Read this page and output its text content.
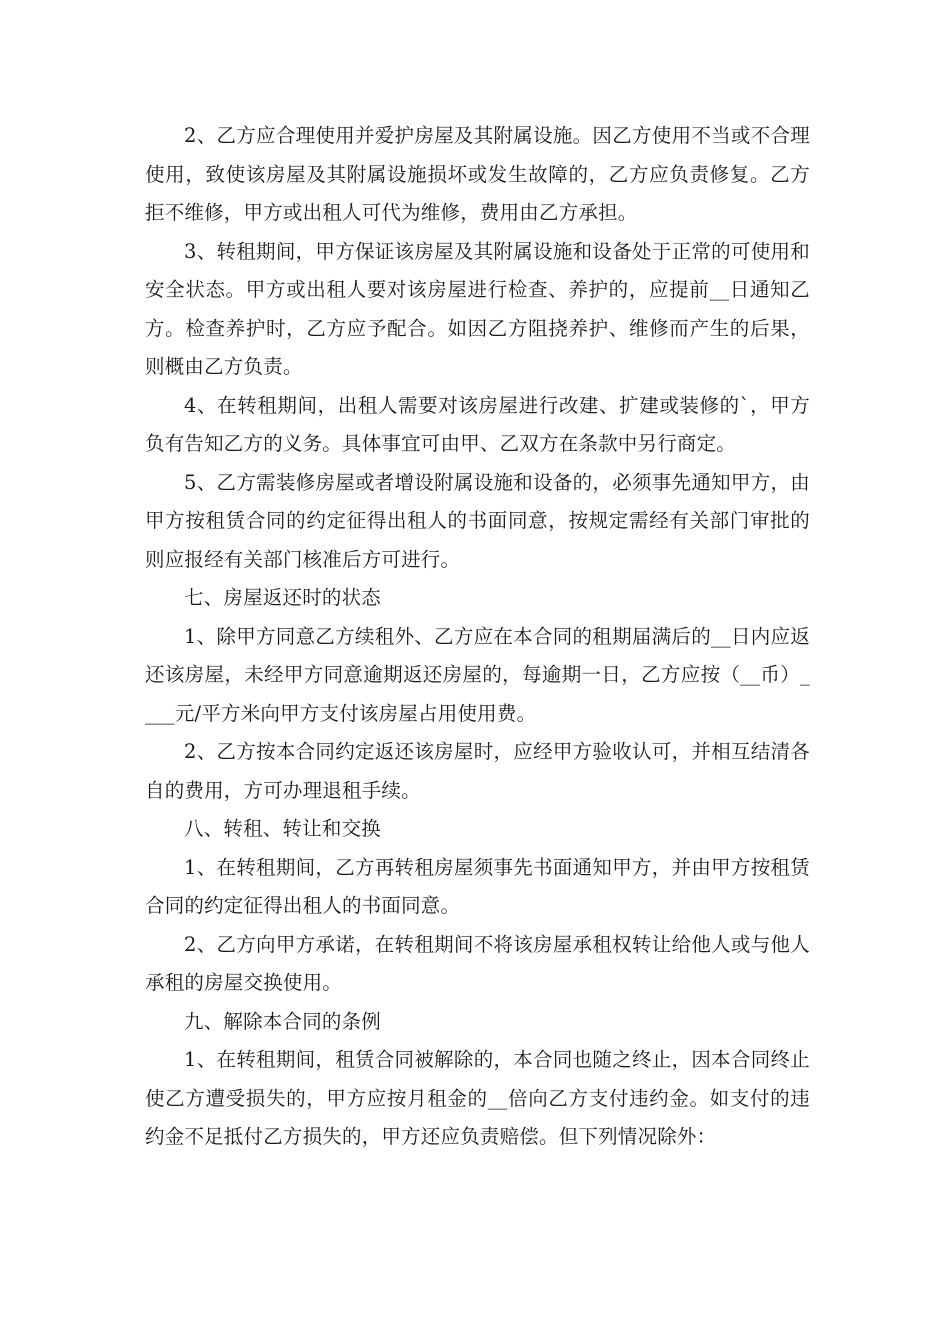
2、乙方应合理使用并爱护房屋及其附属设施。因乙方使用不当或不合理使用，致使该房屋及其附属设施损坏或发生故障的，乙方应负责修复。乙方拒不维修，甲方或出租人可代为维修，费用由乙方承担。

3、转租期间，甲方保证该房屋及其附属设施和设备处于正常的可使用和安全状态。甲方或出租人要对该房屋进行检查、养护的，应提前__日通知乙方。检查养护时，乙方应予配合。如因乙方阻挠养护、维修而产生的后果，则概由乙方负责。

4、在转租期间，出租人需要对该房屋进行改建、扩建或装修的`，甲方负有告知乙方的义务。具体事宜可由甲、乙双方在条款中另行商定。

5、乙方需装修房屋或者增设附属设施和设备的，必须事先通知甲方，由甲方按租赁合同的约定征得出租人的书面同意，按规定需经有关部门审批的则应报经有关部门核准后方可进行。

七、房屋返还时的状态

1、除甲方同意乙方续租外、乙方应在本合同的租期届满后的__日内应返还该房屋，未经甲方同意逾期返还房屋的，每逾期一日，乙方应按（__币）____元/平方米向甲方支付该房屋占用使用费。

2、乙方按本合同约定返还该房屋时，应经甲方验收认可，并相互结清各自的费用，方可办理退租手续。

八、转租、转让和交换

1、在转租期间，乙方再转租房屋须事先书面通知甲方，并由甲方按租赁合同的约定征得出租人的书面同意。

2、乙方向甲方承诺，在转租期间不将该房屋承租权转让给他人或与他人承租的房屋交换使用。

九、解除本合同的条例

1、在转租期间，租赁合同被解除的，本合同也随之终止，因本合同终止使乙方遭受损失的，甲方应按月租金的__倍向乙方支付违约金。如支付的违约金不足抵付乙方损失的，甲方还应负责赔偿。但下列情况除外：
